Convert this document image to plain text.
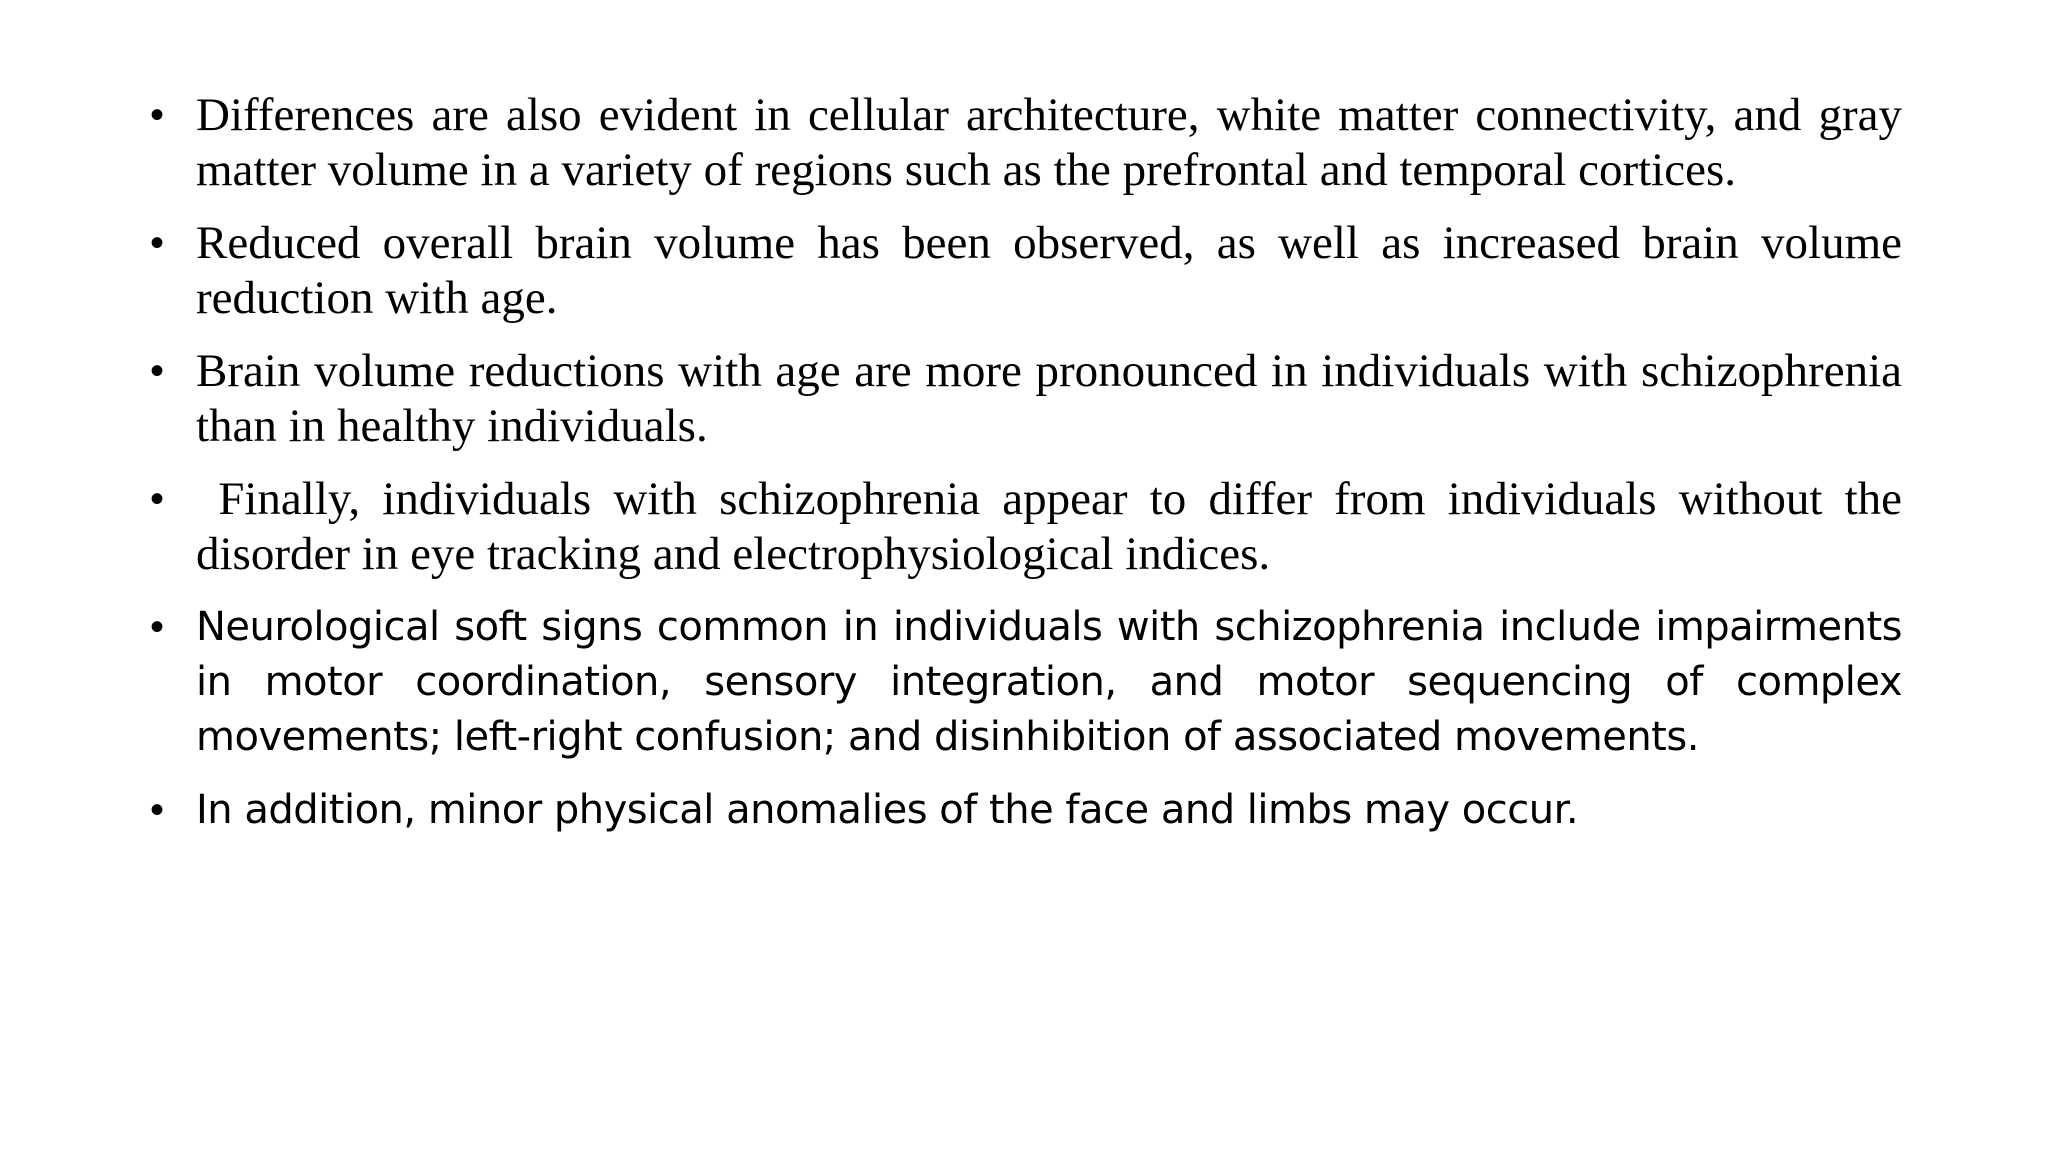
• Differences are also evident in cellular architecture, white matter connectivity, and gray matter volume in a variety of regions such as the prefrontal and temporal cortices.
• Reduced overall brain volume has been observed, as well as increased brain volume reduction with age.
• Brain volume reductions with age are more pronounced in individuals with schizophrenia than in healthy individuals.
• Finally, individuals with schizophrenia appear to differ from individuals without the disorder in eye tracking and electrophysiological indices.
• Neurological soft signs common in individuals with schizophrenia include impairments in motor coordination, sensory integration, and motor sequencing of complex movements; left-right confusion; and disinhibition of associated movements.
• In addition, minor physical anomalies of the face and limbs may occur.
